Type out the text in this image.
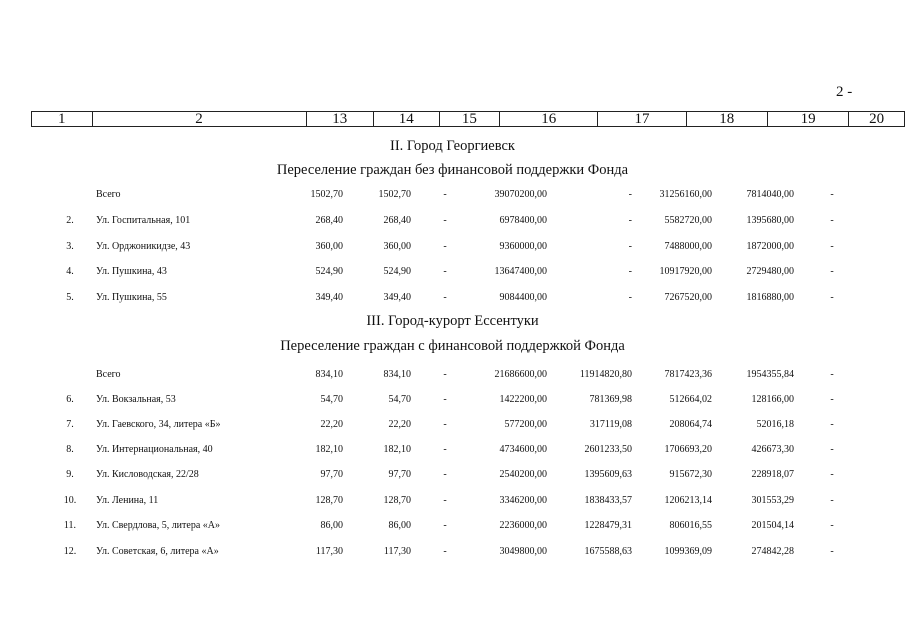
2 -
1	2	13	14	15	16	17	18	19	20
II. Город Георгиевск
Переселение граждан без финансовой поддержки Фонда
III. Город-курорт Ессентуки
Переселение граждан с финансовой поддержкой Фонда
Всего	1502,70	1502,70	-	39070200,00	-	31256160,00	7814040,00	-
2.	Ул. Госпитальная, 101	268,40	268,40	-	6978400,00	-	5582720,00	1395680,00	-
3.	Ул. Орджоникидзе, 43	360,00	360,00	-	9360000,00	-	7488000,00	1872000,00	-
4.	Ул. Пушкина, 43	524,90	524,90	-	13647400,00	-	10917920,00	2729480,00	-
5.	Ул. Пушкина, 55	349,40	349,40	-	9084400,00	-	7267520,00	1816880,00	-
Всего	834,10	834,10	-	21686600,00	11914820,80	7817423,36	1954355,84	-
6.	Ул. Вокзальная, 53	54,70	54,70	-	1422200,00	781369,98	512664,02	128166,00	-
7.	Ул. Гаевского, 34, литера «Б»	22,20	22,20	-	577200,00	317119,08	208064,74	52016,18	-
8.	Ул. Интернациональная, 40	182,10	182,10	-	4734600,00	2601233,50	1706693,20	426673,30	-
9.	Ул. Кисловодская, 22/28	97,70	97,70	-	2540200,00	1395609,63	915672,30	228918,07	-
10.	Ул. Ленина, 11	128,70	128,70	-	3346200,00	1838433,57	1206213,14	301553,29	-
11.	Ул. Свердлова, 5, литера «А»	86,00	86,00	-	2236000,00	1228479,31	806016,55	201504,14	-
12.	Ул. Советская, 6, литера «А»	117,30	117,30	-	3049800,00	1675588,63	1099369,09	274842,28	-
